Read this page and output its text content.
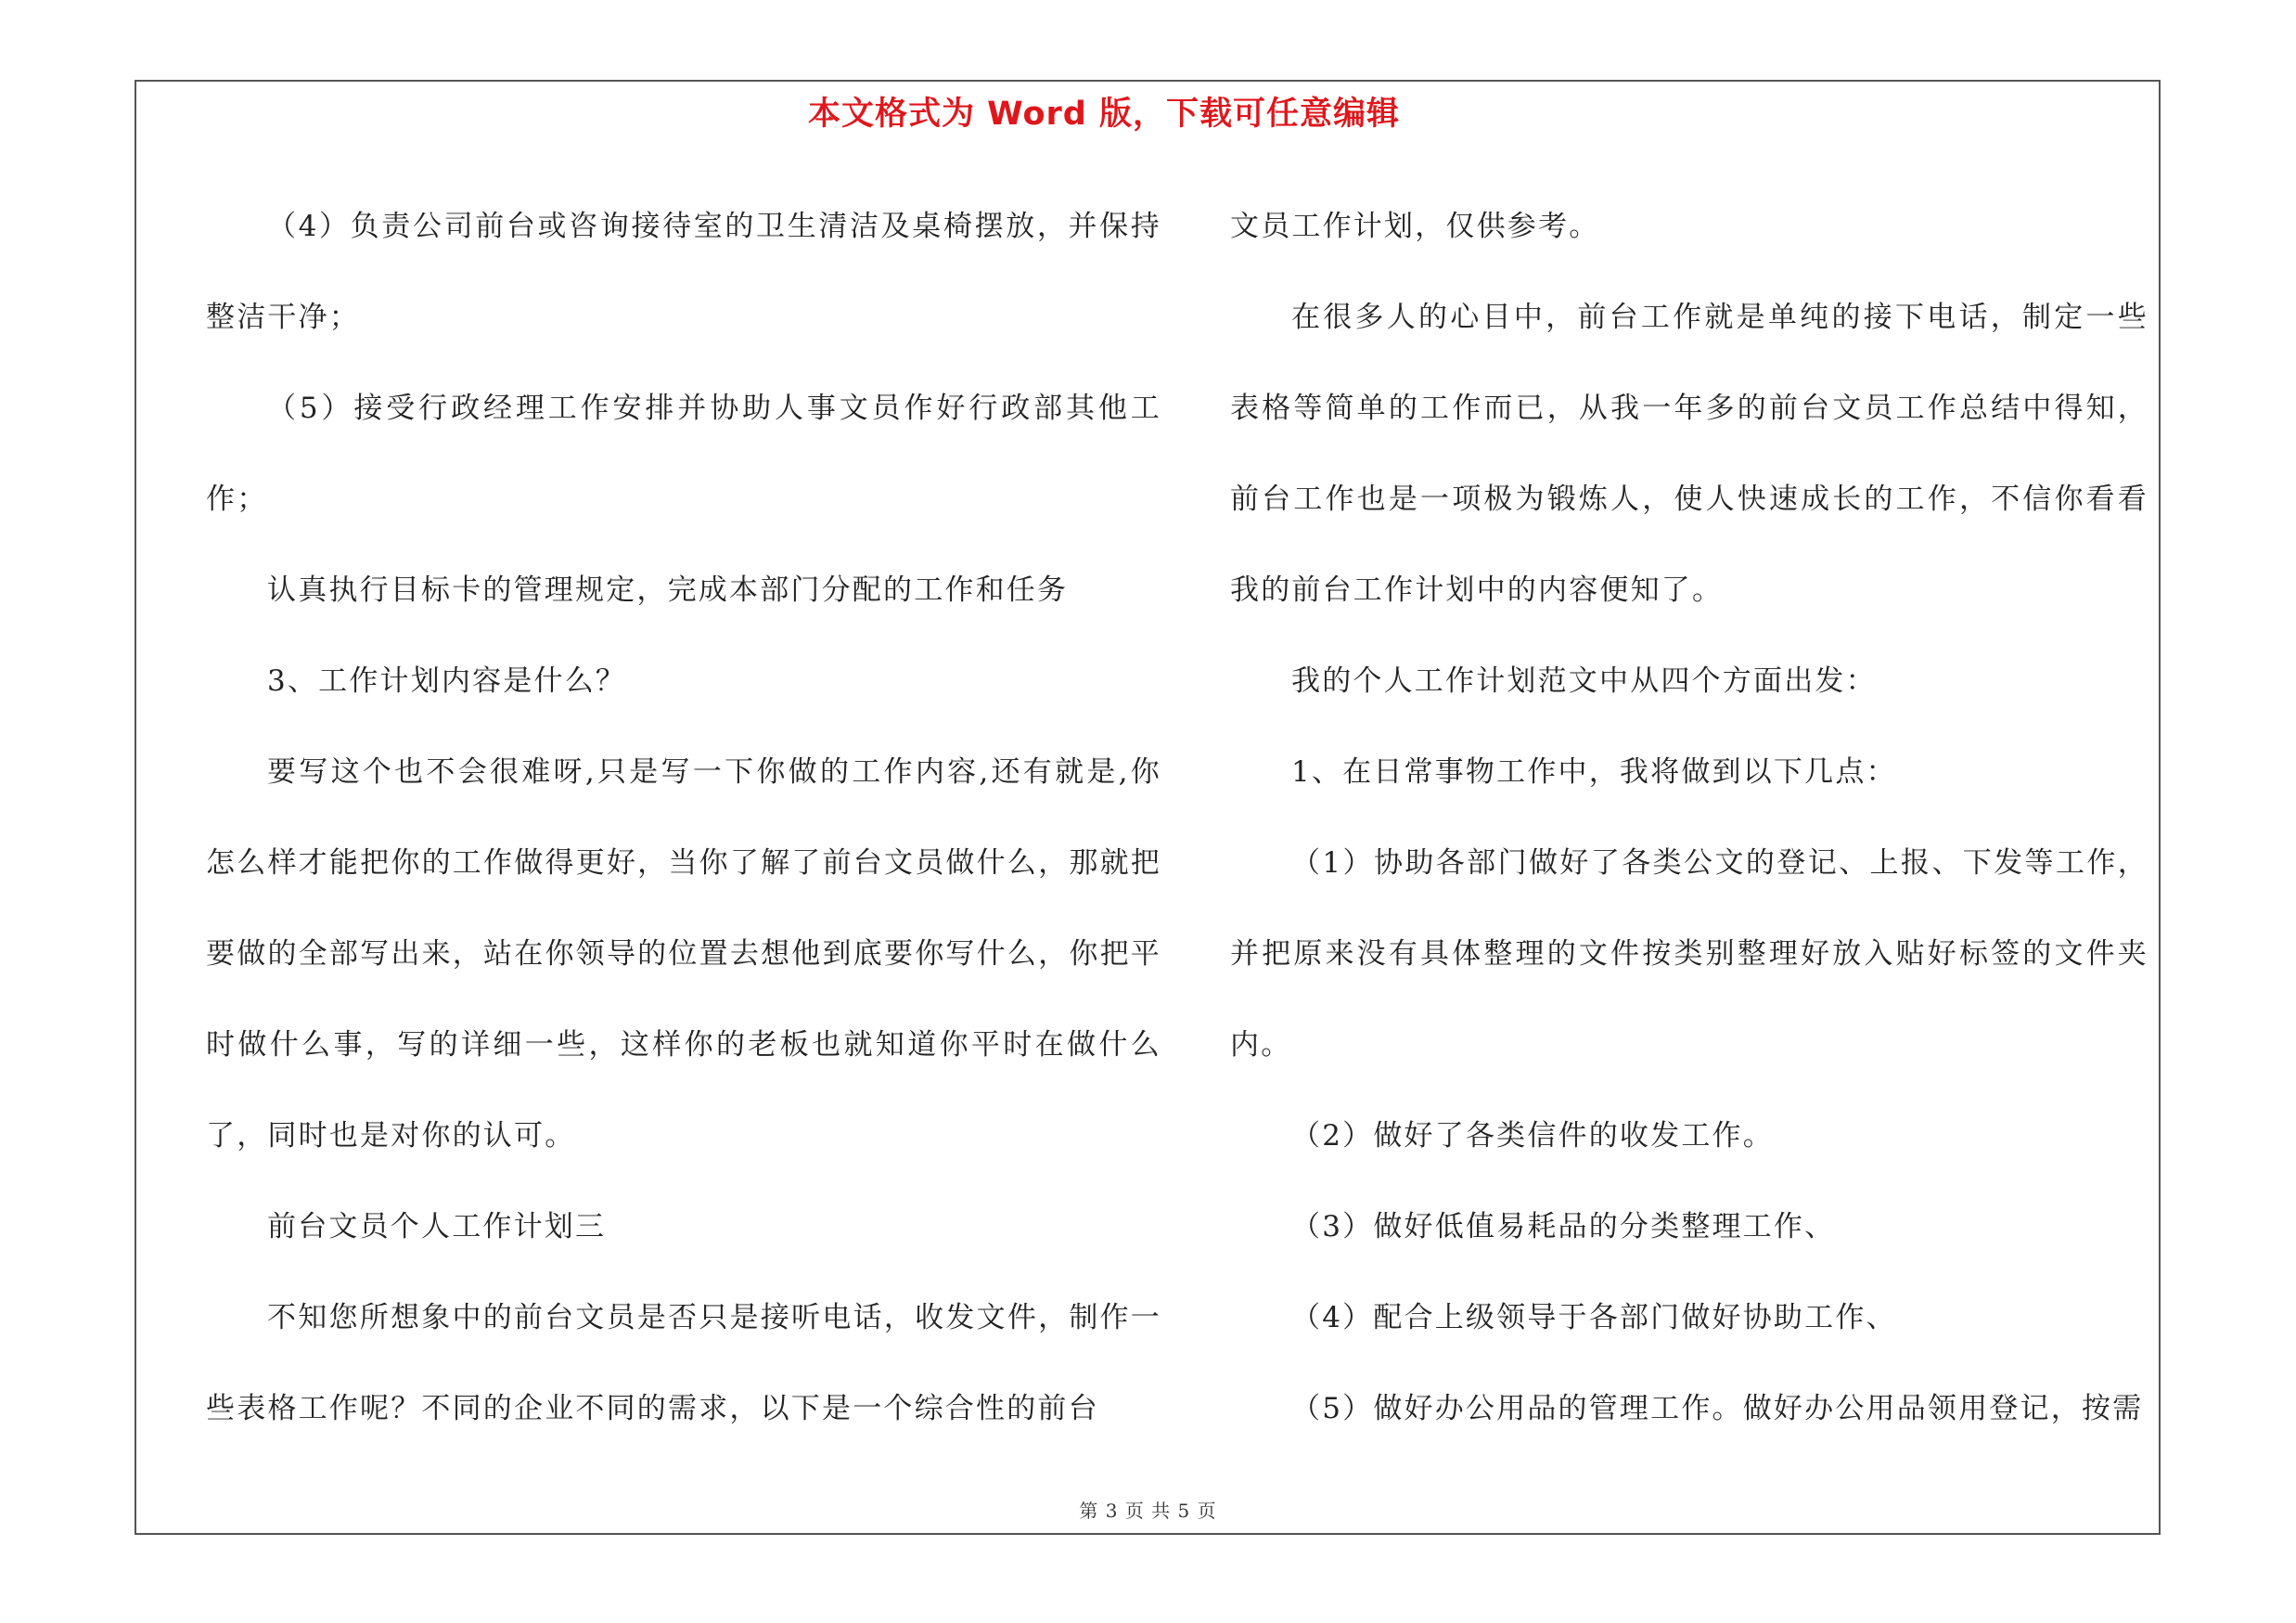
本文格式为 Word 版，下载可任意编辑

（4）负责公司前台或咨询接待室的卫生清洁及桌椅摆放，并保持整洁干净；

（5）接受行政经理工作安排并协助人事文员作好行政部其他工作；

认真执行目标卡的管理规定，完成本部门分配的工作和任务

3、工作计划内容是什么？

要写这个也不会很难呀,只是写一下你做的工作内容,还有就是,你怎么样才能把你的工作做得更好，当你了解了前台文员做什么，那就把要做的全部写出来，站在你领导的位置去想他到底要你写什么，你把平时做什么事，写的详细一些，这样你的老板也就知道你平时在做什么了，同时也是对你的认可。

前台文员个人工作计划三

不知您所想象中的前台文员是否只是接听电话，收发文件，制作一些表格工作呢？不同的企业不同的需求，以下是一个综合性的前台

文员工作计划，仅供参考。

在很多人的心目中，前台工作就是单纯的接下电话，制定一些表格等简单的工作而已，从我一年多的前台文员工作总结中得知，前台工作也是一项极为锻炼人，使人快速成长的工作，不信你看看我的前台工作计划中的内容便知了。

我的个人工作计划范文中从四个方面出发：

1、在日常事物工作中，我将做到以下几点：

（1）协助各部门做好了各类公文的登记、上报、下发等工作，并把原来没有具体整理的文件按类别整理好放入贴好标签的文件夹内。

（2）做好了各类信件的收发工作。

（3）做好低值易耗品的分类整理工作、

（4）配合上级领导于各部门做好协助工作、

（5）做好办公用品的管理工作。做好办公用品领用登记，按需

第 3 页 共 5 页
